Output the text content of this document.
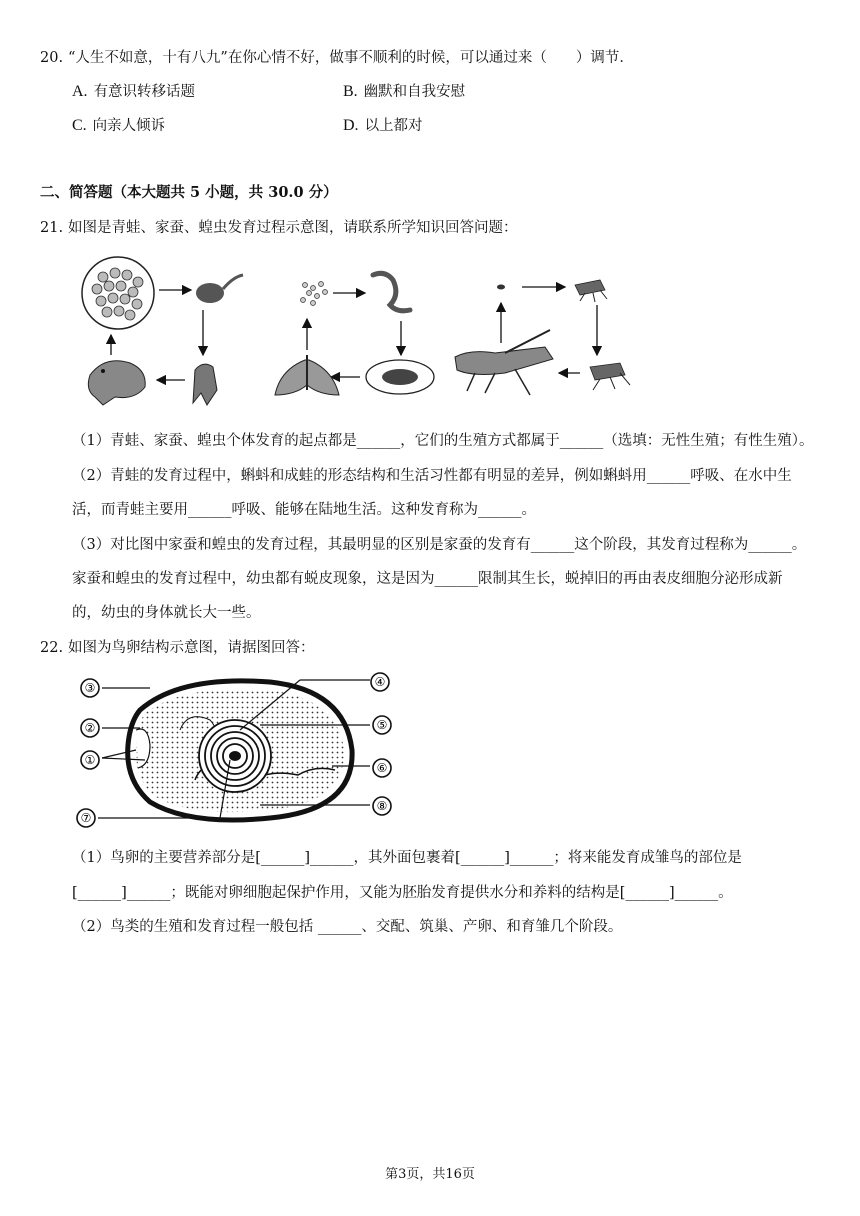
20. “人生不如意，十有八九”在你心情不好，做事不顺利的时候，可以通过来（　　）调节．
A. 有意识转移话题	B. 幽默和自我安慰
C. 向亲人倾诉	D. 以上都对
二、简答题（本大题共 5 小题，共 30.0 分）
21. 如图是青蛙、家蚕、蝗虫发育过程示意图，请联系所学知识回答问题：
（1）青蛙、家蚕、蝗虫个体发育的起点都是______，它们的生殖方式都属于______（选填：无性生殖；有性生殖）。
（2）青蛙的发育过程中，蝌蚪和成蛙的形态结构和生活习性都有明显的差异，例如蝌蚪用______呼吸、在水中生
活，而青蛙主要用______呼吸、能够在陆地生活。这种发育称为______。
（3）对比图中家蚕和蝗虫的发育过程，其最明显的区别是家蚕的发育有______这个阶段，其发育过程称为______。
家蚕和蝗虫的发育过程中，幼虫都有蜕皮现象，这是因为______限制其生长，蜕掉旧的再由表皮细胞分泌形成新
的，幼虫的身体就长大一些。
22. 如图为鸟卵结构示意图，请据图回答：
③
②
①
⑦
④
⑤
⑥
⑧
（1）鸟卵的主要营养部分是[______]______，其外面包裹着[______]______；将来能发育成雏鸟的部位是
[______]______；既能对卵细胞起保护作用，又能为胚胎发育提供水分和养料的结构是[______]______。
（2）鸟类的生殖和发育过程一般包括 ______、交配、筑巢、产卵、和育雏几个阶段。
第3页，共16页
